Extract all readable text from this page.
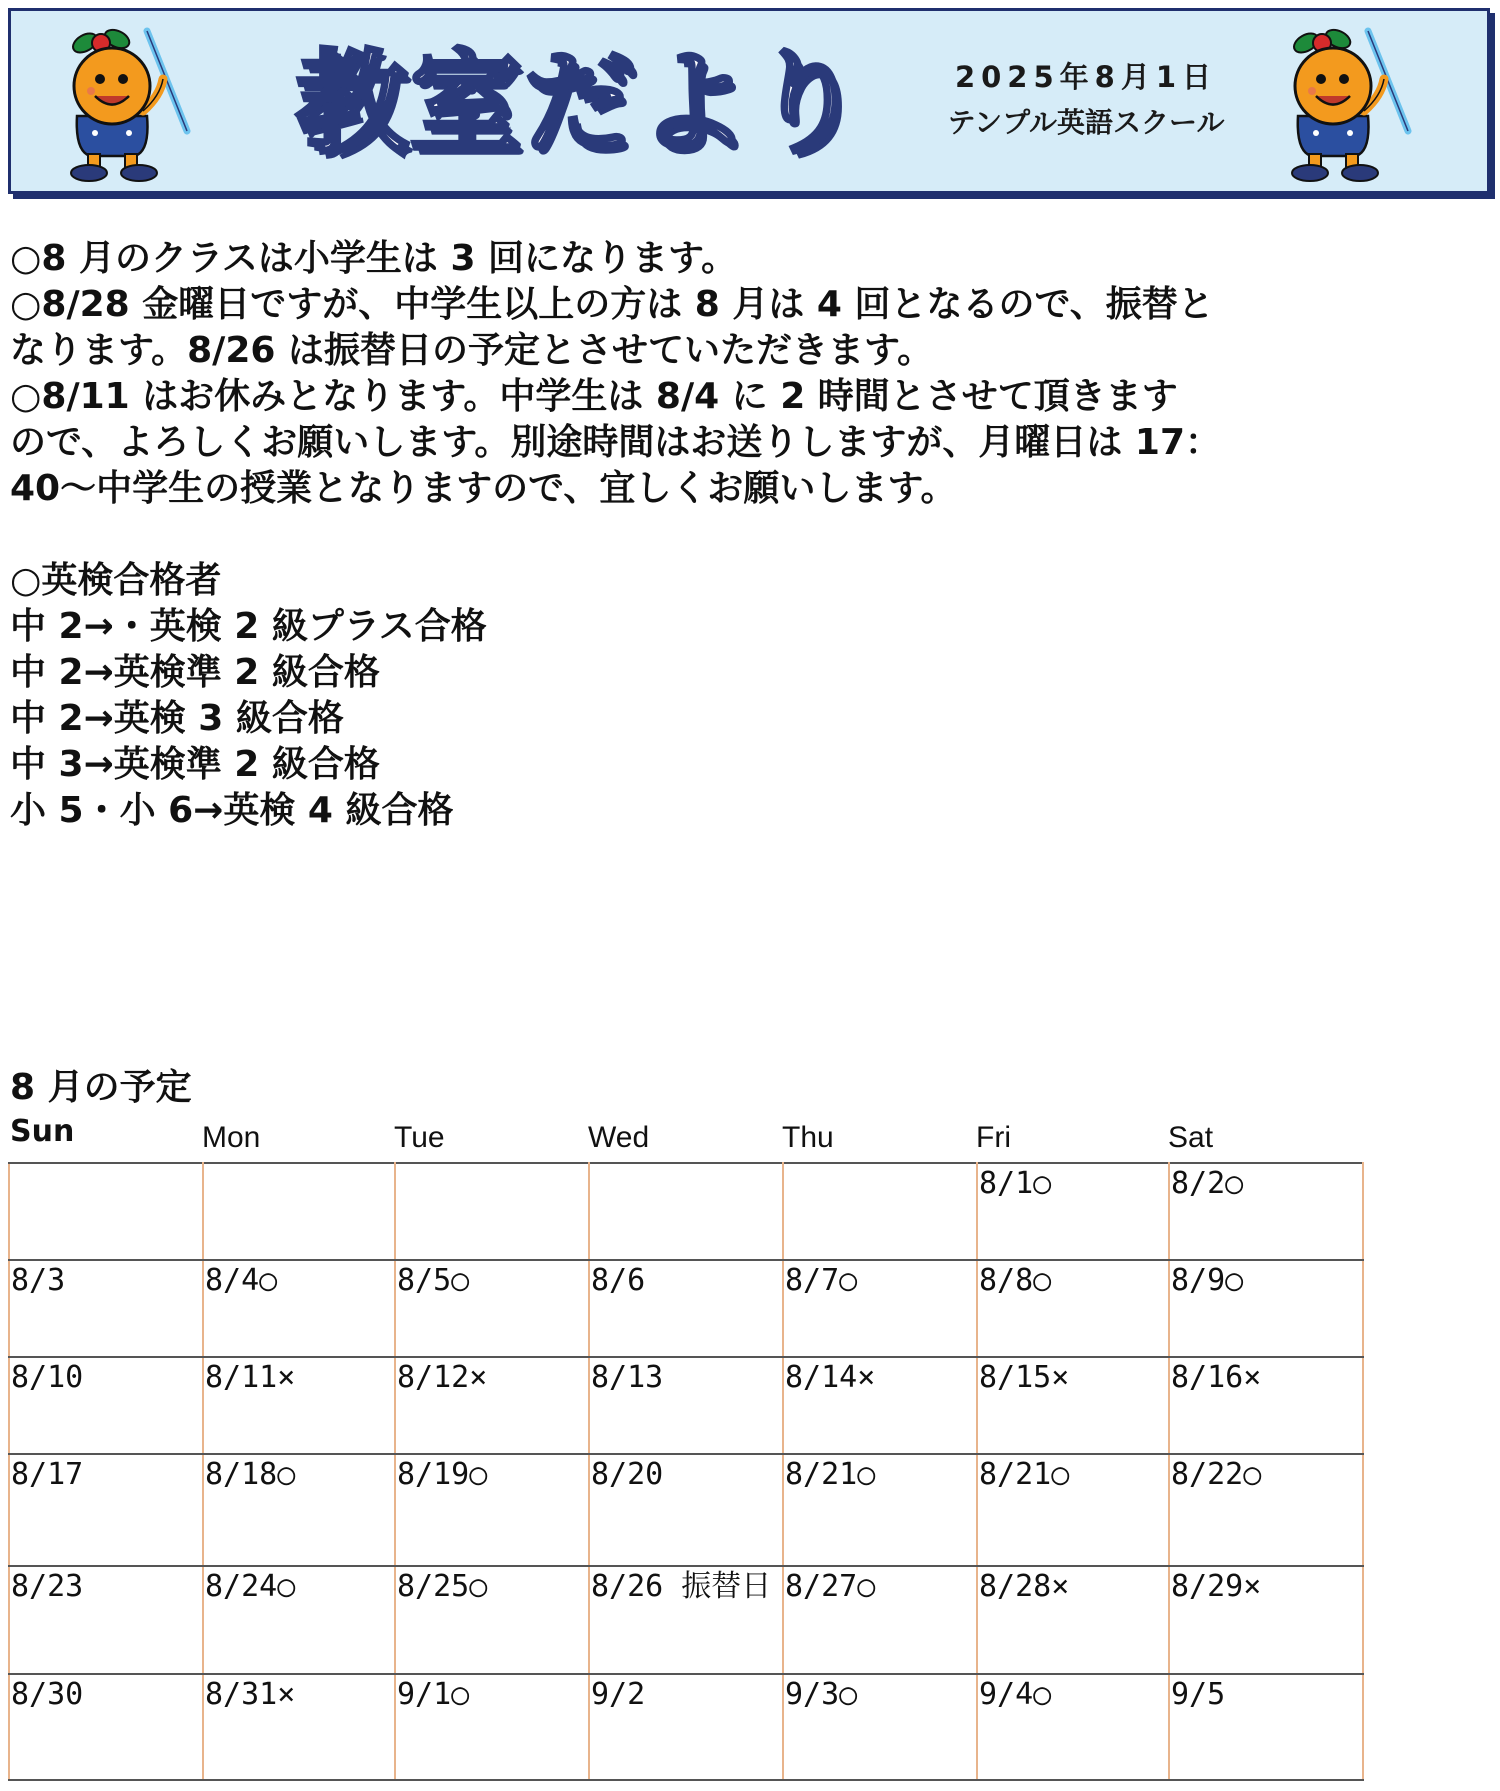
教室だより	2025年8月1日
テンプル英語スクール

○8 月のクラスは小学生は 3 回になります。

○8/28 金曜日ですが、中学生以上の方は 8 月は 4 回となるので、振替と

なります。8/26 は振替日の予定とさせていただきます。

○8/11 はお休みとなります。中学生は 8/4 に 2 時間とさせて頂きます

ので、よろしくお願いします。別途時間はお送りしますが、月曜日は 17：

40～中学生の授業となりますので、宜しくお願いします。

○英検合格者

中 2→・英検 2 級プラス合格

中 2→英検準 2 級合格

中 2→英検 3 級合格

中 3→英検準 2 級合格

小 5・小 6→英検 4 級合格

8 月の予定
Sun	Mon	Tue	Wed	Thu	Fri	Sat

					8/1○	8/2○

8/3	8/4○	8/5○	8/6	8/7○	8/8○	8/9○

8/10	8/11×	8/12×	8/13	8/14×	8/15×	8/16×

8/17	8/18○	8/19○	8/20	8/21○	8/21○	8/22○

8/23	8/24○	8/25○	8/26 振替日	8/27○	8/28×	8/29×

8/30	8/31×	9/1○	9/2	9/3○	9/4○	9/5
